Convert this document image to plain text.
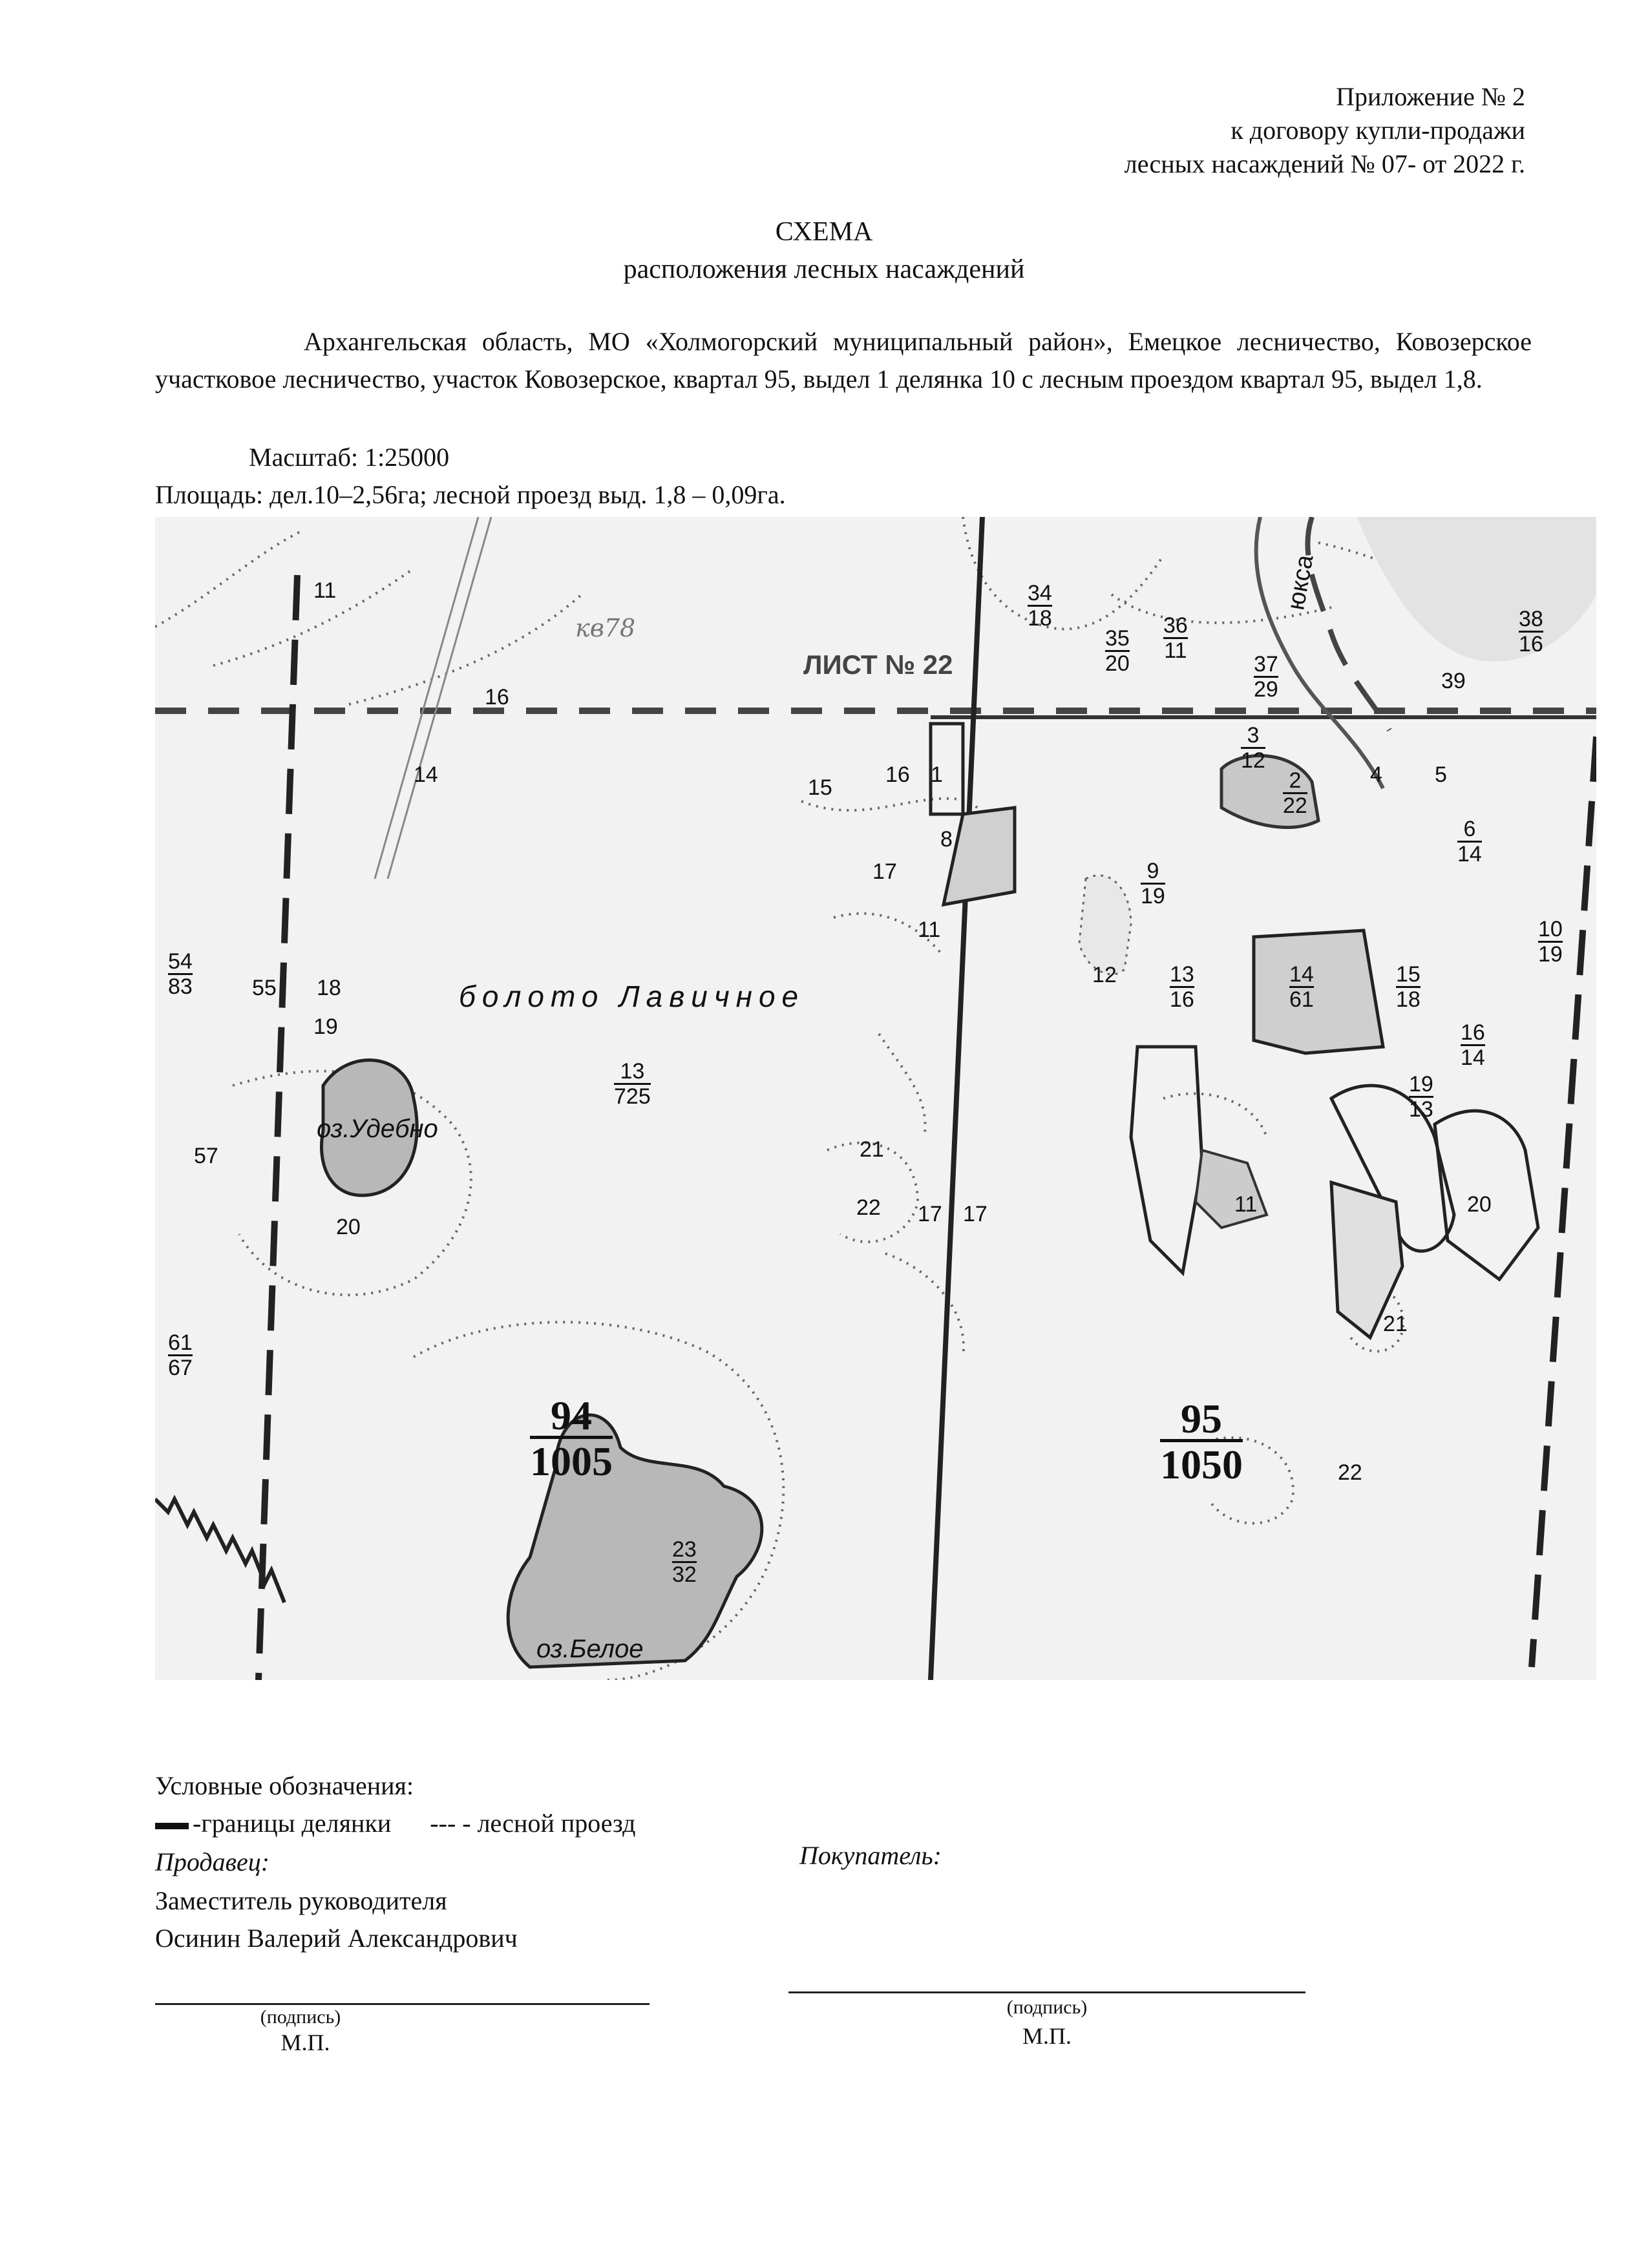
Приложение № 2
к договору купли-продажи
лесных насаждений № 07- от 2022 г.
СХЕМА
расположения лесных насаждений
Архангельская область, МО «Холмогорский муниципальный район», Емецкое лесничество, Ковозерское участковое лесничество, участок Ковозерское, квартал 95, выдел 1 делянка 10 с лесным проездом квартал 95, выдел 1,8.
Масштаб: 1:25000
Площадь: дел.10–2,56га; лесной проезд выд. 1,8 – 0,09га.
ЛИСТ № 22
болото Лавичное
оз.Удебно
оз.Белое
юкса
кв78
94
1005
95
1050
$\frac{34}{18}$
$\frac{35}{20} \frac{36}{11}$
$\frac{37}{29}$
$\frac{38}{16}$
$\frac{54}{83}$
$\frac{61}{67}$
$\frac{13}{725}$
$\frac{23}{32}$
$\frac{3}{12}$
$\frac{2}{22}$
$\frac{9}{19}$
$\frac{13}{16}$	$\frac{14}{61}$	$\frac{15}{18}$
$\frac{6}{14}$
$\frac{10}{19}$
$\frac{16}{14}$
$\frac{19}{13}$
11
16
14
15
1
16
8
17
11
12
55 18
19
57
20
21
22 17
39
4 5
11	20
21
22
17
Условные обозначения:
-границы делянки --- - лесной проезд
Продавец:	Покупатель:
Заместитель руководителя
Осинин Валерий Александрович
(подпись)
М.П.
(подпись)
М.П.
